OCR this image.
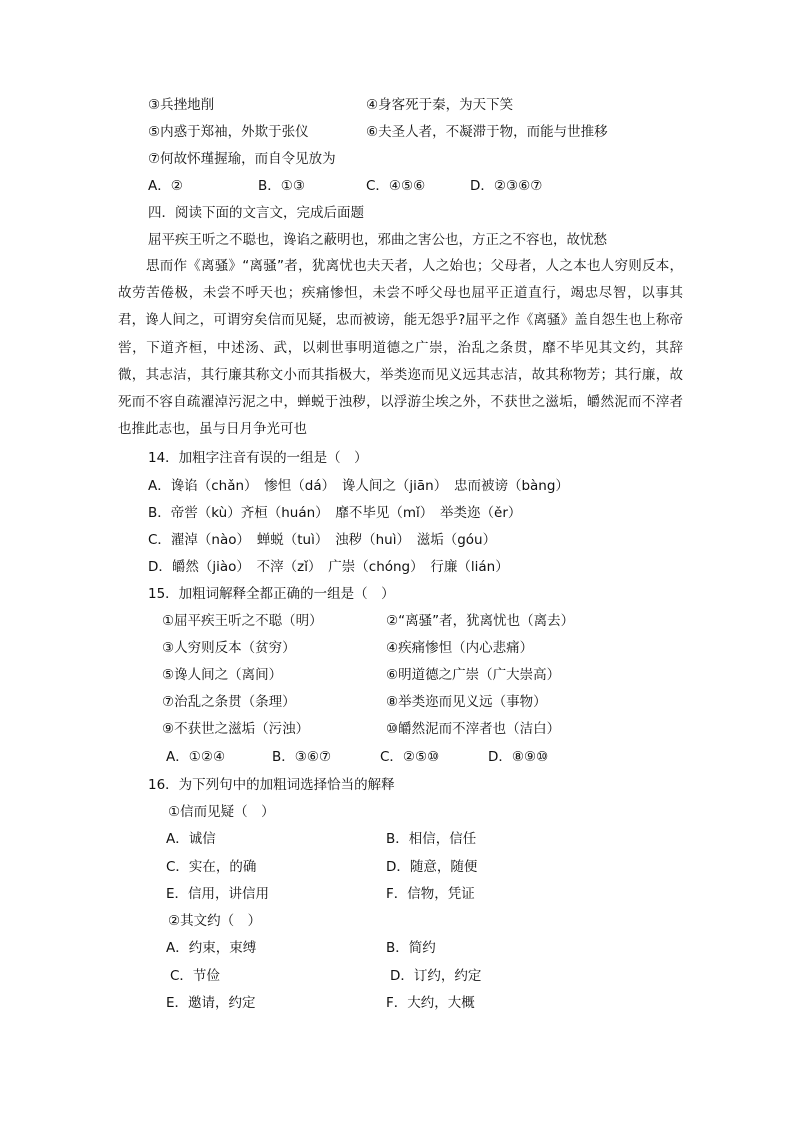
③兵挫地削	④身客死于秦，为天下笑
⑤内惑于郑袖，外欺于张仪	⑥夫圣人者，不凝滞于物，而能与世推移
⑦何故怀瑾握瑜，而自令见放为
A．②	B．①③	C．④⑤⑥	D．②③⑥⑦
四．阅读下面的文言文，完成后面题
屈平疾王听之不聪也，谗谄之蔽明也，邪曲之害公也，方正之不容也，故忧愁

思而作《离骚》“离骚”者，犹离忧也夫天者，人之始也；父母者，人之本也人穷则反本，故劳苦倦极，未尝不呼天也；疾痛惨怛，未尝不呼父母也屈平正道直行，竭忠尽智，以事其君，谗人间之，可谓穷矣信而见疑，忠而被谤，能无怨乎?屈平之作《离骚》盖自怨生也上称帝喾，下道齐桓，中述汤、武，以刺世事明道德之广崇，治乱之条贯，靡不毕见其文约，其辞微，其志洁，其行廉其称文小而其指极大，举类迩而见义远其志洁，故其称物芳；其行廉，故死而不容自疏濯淖污泥之中，蝉蜕于浊秽，以浮游尘埃之外，不获世之滋垢，皭然泥而不滓者也推此志也，虽与日月争光可也

14．加粗字注音有误的一组是（　）
A．谗谄（chǎn）　惨怛（dá）　谗人间之（jiān）　忠而被谤（bàng）
B．帝喾（kù）齐桓（huán）　靡不毕见（mǐ）　举类迩（ěr）
C．濯淖（nào）　蝉蜕（tuì）　浊秽（huì）　滋垢（góu）
D．皭然（jiào）　不滓（zǐ）　广崇（chóng）　行廉（lián）
15．加粗词解释全都正确的一组是（　）
①屈平疾王听之不聪（明）	②“离骚”者，犹离忧也（离去）
③人穷则反本（贫穷）	④疾痛惨怛（内心悲痛）
⑤谗人间之（离间）	⑥明道德之广崇（广大崇高）
⑦治乱之条贯（条理）	⑧举类迩而见义远（事物）
⑨不获世之滋垢（污浊）	⑩皭然泥而不滓者也（洁白）
A．①②④	B．③⑥⑦	C．②⑤⑩	D．⑧⑨⑩
16．为下列句中的加粗词选择恰当的解释
①信而见疑（　）
A．诚信	B．相信，信任
C．实在，的确	D．随意，随便
E．信用，讲信用	F．信物，凭证
②其文约（　）
A．约束，束缚	B．简约
C．节俭	D．订约，约定
E．邀请，约定	F．大约，大概
